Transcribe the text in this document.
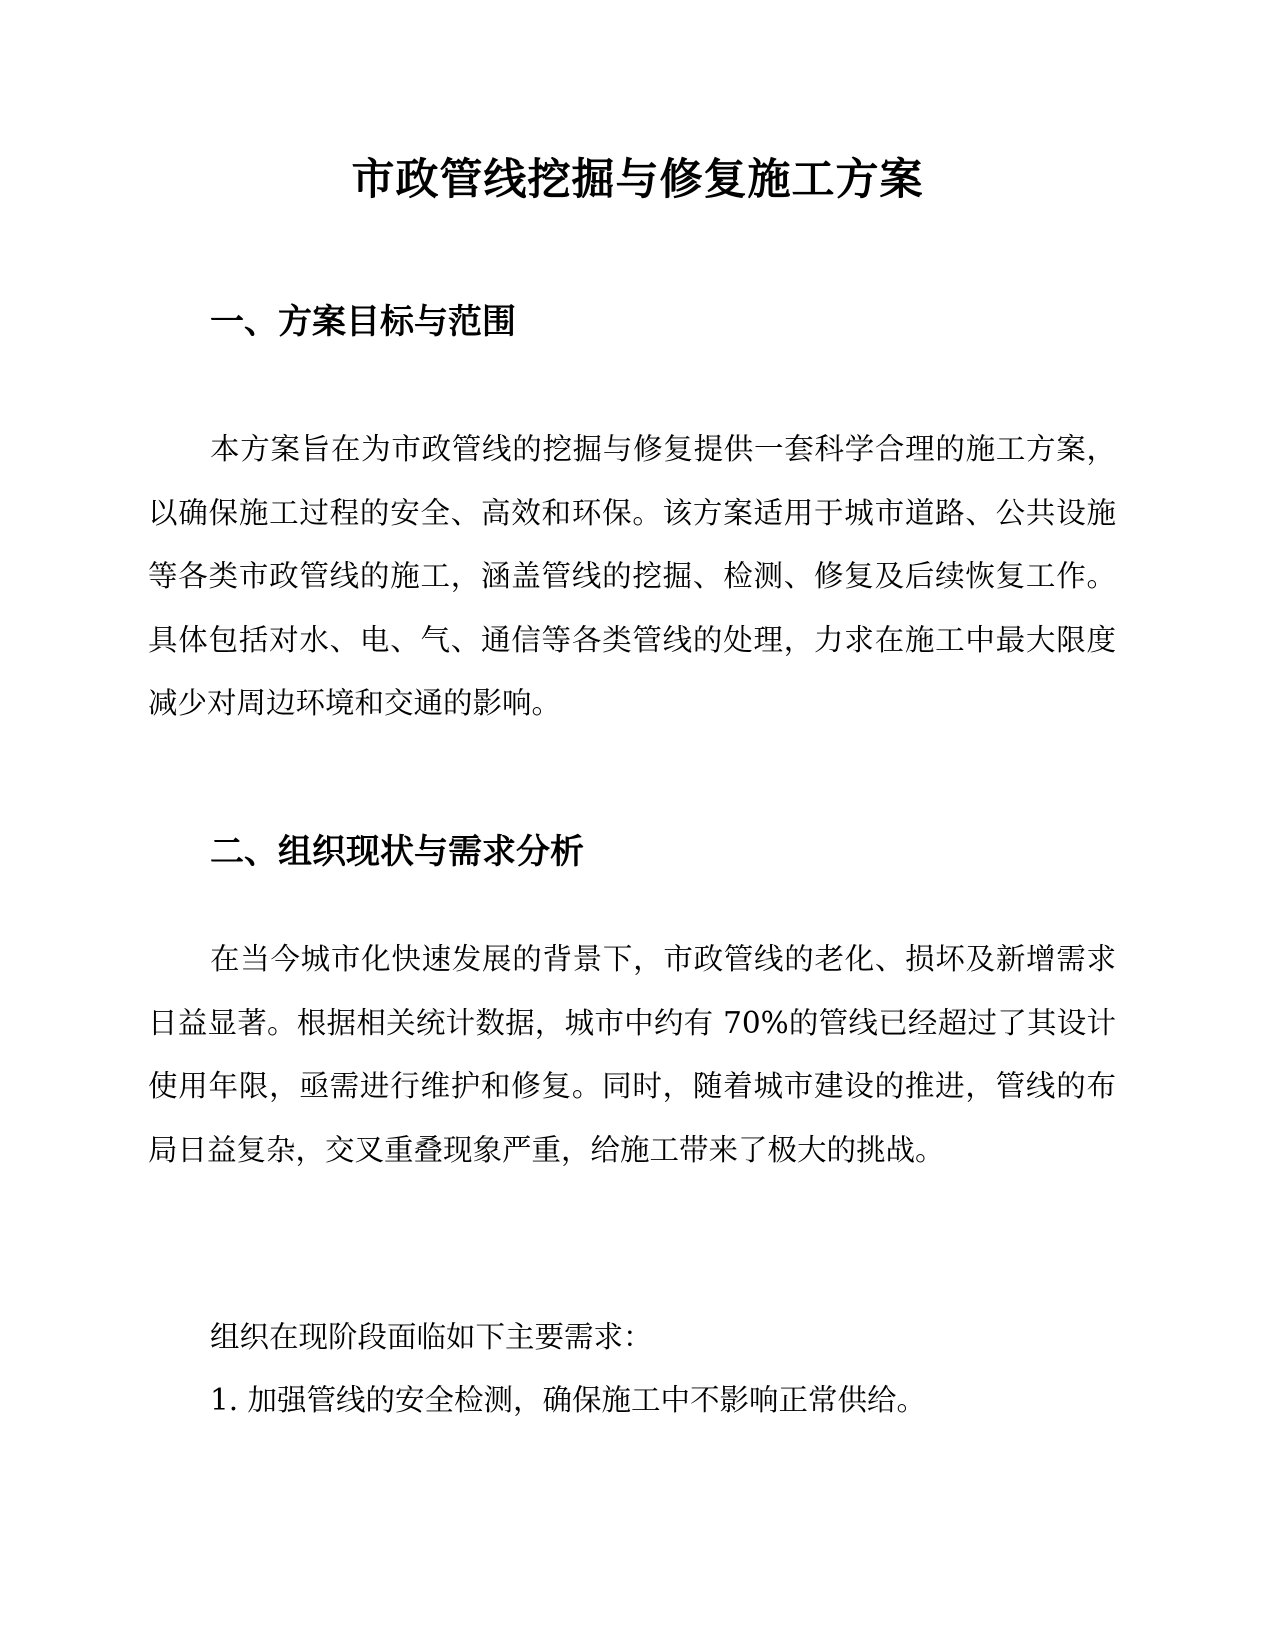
市政管线挖掘与修复施工方案
一、方案目标与范围

本方案旨在为市政管线的挖掘与修复提供一套科学合理的施工方案，以确保施工过程的安全、高效和环保。该方案适用于城市道路、公共设施等各类市政管线的施工，涵盖管线的挖掘、检测、修复及后续恢复工作。具体包括对水、电、气、通信等各类管线的处理，力求在施工中最大限度减少对周边环境和交通的影响。

二、组织现状与需求分析

在当今城市化快速发展的背景下，市政管线的老化、损坏及新增需求日益显著。根据相关统计数据，城市中约有 70%的管线已经超过了其设计使用年限，亟需进行维护和修复。同时，随着城市建设的推进，管线的布局日益复杂，交叉重叠现象严重，给施工带来了极大的挑战。

组织在现阶段面临如下主要需求：

1. 加强管线的安全检测，确保施工中不影响正常供给。
